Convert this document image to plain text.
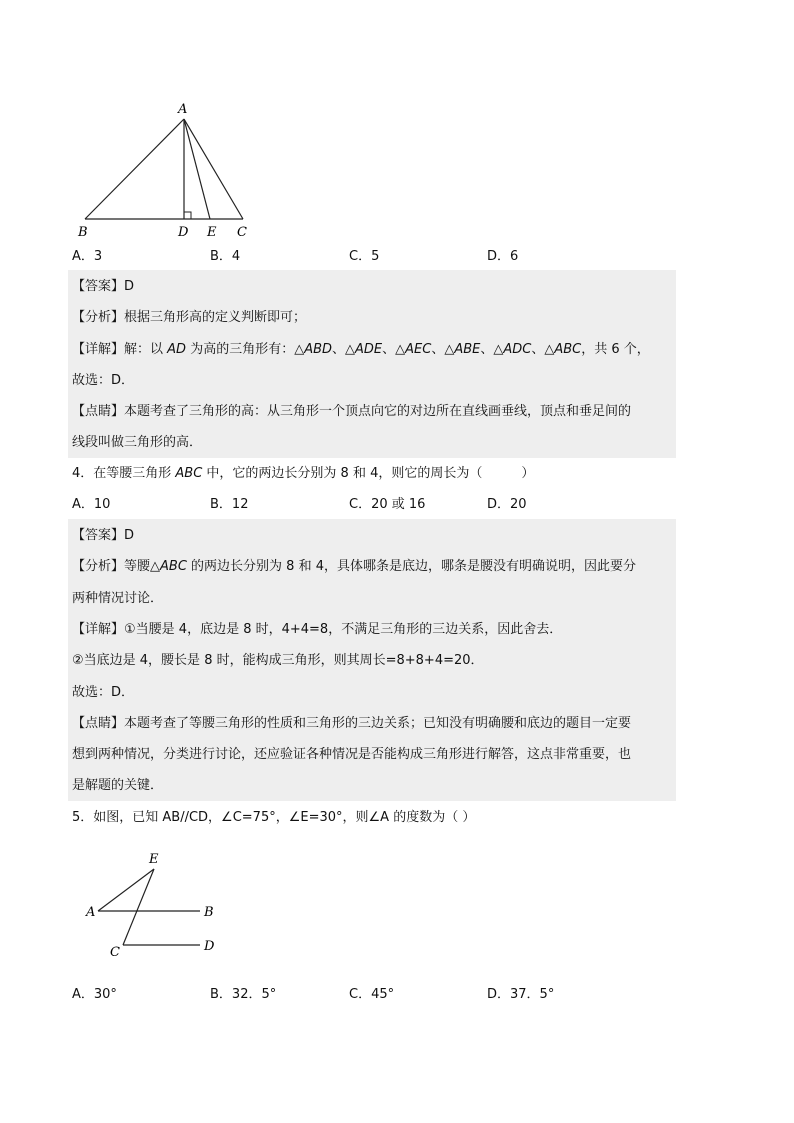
A
B	D E C
A．3	B．4	C．5	D．6
【答案】D
【分析】根据三角形高的定义判断即可；
【详解】解：以 AD 为高的三角形有：△ABD、△ADE、△AEC、△ABE、△ADC、△ABC，共 6 个，
故选：D．
【点睛】本题考查了三角形的高：从三角形一个顶点向它的对边所在直线画垂线，顶点和垂足间的
线段叫做三角形的高．
4．在等腰三角形 ABC 中，它的两边长分别为 8 和 4，则它的周长为（　　　）
A．10	B．12	C．20 或 16	D．20
【答案】D
【分析】等腰△ABC 的两边长分别为 8 和 4，具体哪条是底边，哪条是腰没有明确说明，因此要分
两种情况讨论．
【详解】①当腰是 4，底边是 8 时，4+4=8，不满足三角形的三边关系，因此舍去．
②当底边是 4，腰长是 8 时，能构成三角形，则其周长=8+8+4=20．
故选：D．
【点睛】本题考查了等腰三角形的性质和三角形的三边关系；已知没有明确腰和底边的题目一定要
想到两种情况，分类进行讨论，还应验证各种情况是否能构成三角形进行解答，这点非常重要，也
是解题的关键．
5．如图，已知 AB//CD，∠C=75°，∠E=30°，则∠A 的度数为（ ）
E
A	B
C	D
A．30°	B．32．5°	C．45°	D．37．5°
